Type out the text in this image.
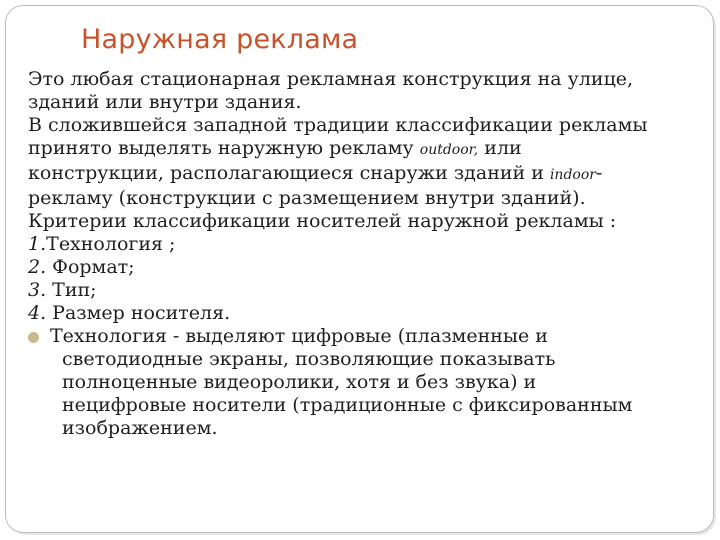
Наружная реклама

Это любая стационарная рекламная конструкция на улице,
зданий или внутри здания.

В сложившейся западной традиции классификации рекламы
принято выделять наружную рекламу outdoor, или
конструкции, располагающиеся снаружи зданий и indoor-
рекламу (конструкции с размещением внутри зданий).

Критерии классификации носителей наружной рекламы :

1.Технология ;

2. Формат;

3. Тип;

4. Размер носителя.

Технология - выделяют цифровые (плазменные и
светодиодные экраны, позволяющие показывать
полноценные видеоролики, хотя и без звука) и
нецифровые носители (традиционные с фиксированным
изображением.
